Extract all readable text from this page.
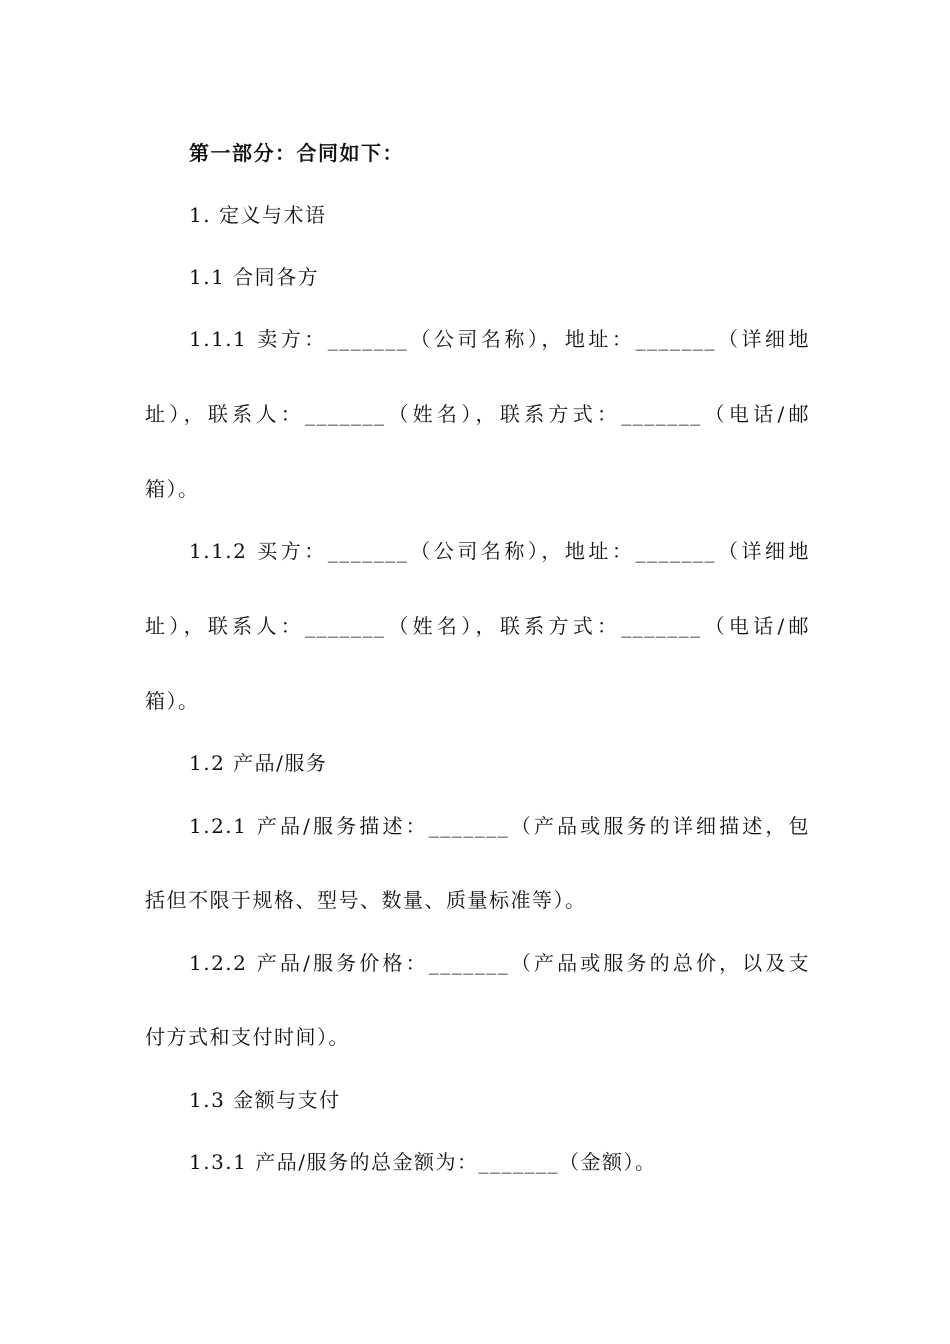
第一部分：合同如下：
1. 定义与术语
1.1 合同各方
1.1.1 卖方：_______（公司名称），地址：_______（详细地
址），联系人：_______（姓名），联系方式：_______（电话/邮
箱）。
1.1.2 买方：_______（公司名称），地址：_______（详细地
址），联系人：_______（姓名），联系方式：_______（电话/邮
箱）。
1.2 产品/服务
1.2.1 产品/服务描述：_______（产品或服务的详细描述，包
括但不限于规格、型号、数量、质量标准等）。
1.2.2 产品/服务价格：_______（产品或服务的总价，以及支
付方式和支付时间）。
1.3 金额与支付
1.3.1 产品/服务的总金额为：_______（金额）。
